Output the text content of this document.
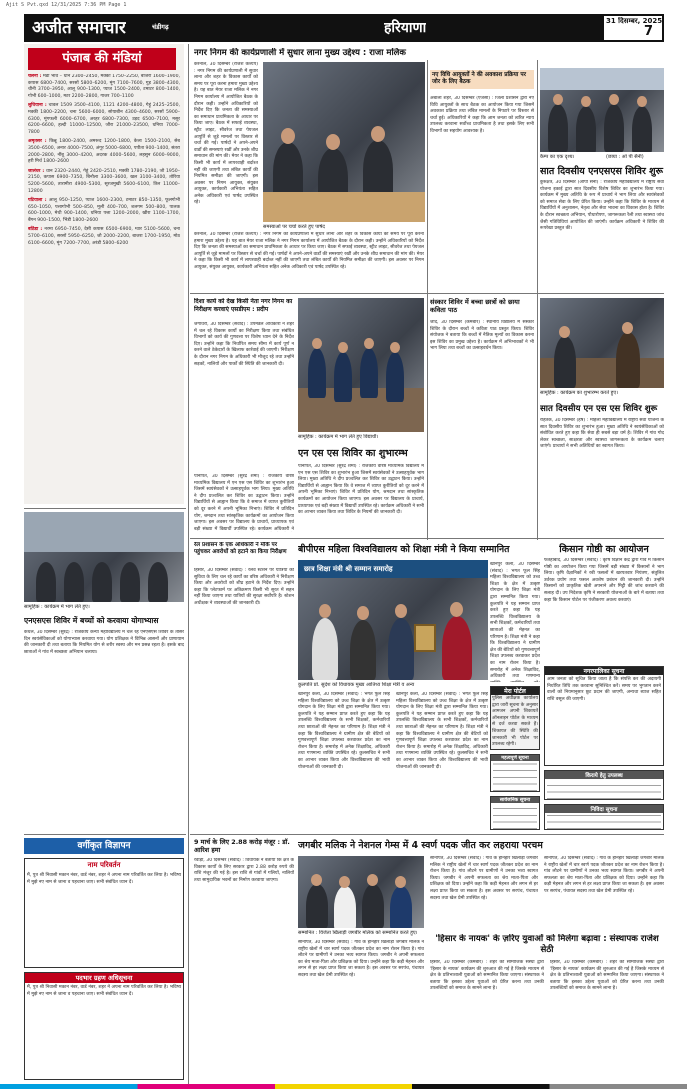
Ajit S Pvt.qxd 12/31/2025 7:36 PM Page 1
अजीत समाचार	चंडीगढ़	हरियाणा	31 दिसम्बर, 2025
7
पंजाब की मंडियां
चलना : मंडी भाव – धान 2300–2450, मक्की 1750–2250, बाजरा 1600–1900, कपास 6800–7400, सरसों 5800–6200, मूंग 7100–7600, गुड़ 3800–4300, चीनी 3700–3950, आलू 900–1300, प्याज 1500–2400, टमाटर 800–1400, गोभी 600–1000, मटर 2200–2800, गाजर 700–1100
लुधियाना : चावल 1509 3500–4100, 1121 4200–4800, गेहूं 2425–2500, मक्की 1800–2200, चना 5600–6000, सोयाबीन 4300–4600, सरसों 5900–6300, मूंगफली 6000–6700, अरहर 6800–7300, उड़द 6500–7100, मसूर 6200–6600, हल्दी 11000–12500, जीरा 21000–23500, धनिया 7000–7800
अमृतसर : किन्नू 1800–2400, अमरूद 1200–1800, केला 1500–2100, सेब 3500–6500, अनार 4000–7500, अंगूर 5000–6800, पपीता 900–1400, संतरा 2000–2800, नींबू 3000–4200, अदरक 4000–5600, लहसुन 6000–9000, हरी मिर्च 1800–2600
जालंधर : धान 2320–2440, गेहूं 2420–2510, मक्की 1780–2190, जौ 1950–2150, कपास 6900–7350, बिनौला 3300–3600, खल 3100–3400, तोरिया 5200–5600, तारामीरा 4900–5300, सूरजमुखी 5600–6100, तिल 11000–12800
पटियाला : आलू 950–1250, प्याज 1600–2300, टमाटर 850–1350, फूलगोभी 650–1050, पत्तागोभी 500–850, मूली 400–700, शलगम 500–800, पालक 600–1000, मेथी 900–1400, धनिया पत्ता 1200–2000, खीरा 1100–1700, बैंगन 900–1500, भिंडी 1800–2600
बठिंडा : नरमा 6950–7450, देसी कपास 6500–6900, ग्वार 5100–5600, चना 5700–6100, सरसों 5950–6250, जौ 2000–2200, बाजरा 1700–1950, मोठ 6100–6600, मूंग 7200–7700, अरंडी 5800–6200
नगर निगम की कार्यप्रणाली में सुधार लाना मुख्य उद्देश्य : राजा मलिक
करनाल, 30 दिसम्बर (राजेश कश्यप) : नगर निगम की कार्यप्रणाली में सुधार लाना और शहर के विकास कार्यों को समय पर पूरा करना हमारा मुख्य उद्देश्य है। यह बात मेयर राजा मलिक ने नगर निगम कार्यालय में आयोजित बैठक के दौरान कही। उन्होंने अधिकारियों को निर्देश दिए कि जनता की समस्याओं का समाधान प्राथमिकता के आधार पर किया जाए। बैठक में सफाई व्यवस्था, स्ट्रीट लाइट, सीवरेज तथा पेयजल आपूर्ति से जुड़े मामलों पर विस्तार से चर्चा की गई। पार्षदों ने अपने-अपने वार्डों की समस्याएं रखीं और उनके शीघ्र समाधान की मांग की। मेयर ने कहा कि किसी भी कार्य में लापरवाही बर्दाश्त नहीं की जाएगी तथा लंबित कार्यों की नियमित समीक्षा की जाएगी। इस अवसर पर निगम आयुक्त, संयुक्त आयुक्त, कार्यकारी अभियंता सहित अनेक अधिकारी एवं पार्षद उपस्थित रहे।
समस्याओं पर चर्चा करते हुए पार्षद
करनाल, 30 दिसम्बर (राजेश कश्यप) : नगर निगम की कार्यप्रणाली में सुधार लाना और शहर के विकास कार्यों को समय पर पूरा करना हमारा मुख्य उद्देश्य है। यह बात मेयर राजा मलिक ने नगर निगम कार्यालय में आयोजित बैठक के दौरान कही। उन्होंने अधिकारियों को निर्देश दिए कि जनता की समस्याओं का समाधान प्राथमिकता के आधार पर किया जाए। बैठक में सफाई व्यवस्था, स्ट्रीट लाइट, सीवरेज तथा पेयजल आपूर्ति से जुड़े मामलों पर विस्तार से चर्चा की गई। पार्षदों ने अपने-अपने वार्डों की समस्याएं रखीं और उनके शीघ्र समाधान की मांग की। मेयर ने कहा कि किसी भी कार्य में लापरवाही बर्दाश्त नहीं की जाएगी तथा लंबित कार्यों की नियमित समीक्षा की जाएगी। इस अवसर पर निगम आयुक्त, संयुक्त आयुक्त, कार्यकारी अभियंता सहित अनेक अधिकारी एवं पार्षद उपस्थित रहे।
नए विधि आयुक्तों ने की अवकाश प्रक्रिया पर जोर के लिए बैठक
अंबाला शहर, 30 दिसम्बर (एजेंसी) : जिला प्रशासन द्वारा नए विधि आयुक्तों के साथ बैठक का आयोजन किया गया जिसमें अवकाश प्रक्रिया तथा लंबित मामलों के निपटारे पर विस्तार से चर्चा हुई। अधिकारियों ने कहा कि आम जनता को त्वरित न्याय उपलब्ध करवाना सर्वोच्च प्राथमिकता है तथा इसके लिए सभी विभागों का सहयोग आवश्यक है।
कैम्प का एक दृश्य।	(छाया : ओ पी सैनी)
सात दिवसीय एनएसएस शिविर शुरू
कुरुक्षेत्र, 30 दिसम्बर (ओपी सैनी) : राजकीय महाविद्यालय में राष्ट्रीय सेवा योजना इकाई द्वारा सात दिवसीय विशेष शिविर का शुभारंभ किया गया। कार्यक्रम में मुख्य अतिथि के रूप में प्राचार्य ने भाग लिया और स्वयंसेवकों को समाज सेवा के लिए प्रेरित किया। उन्होंने कहा कि शिविर के माध्यम से विद्यार्थियों में अनुशासन, नेतृत्व और सेवा भावना का विकास होता है। शिविर के दौरान स्वच्छता अभियान, पौधारोपण, जागरूकता रैली तथा स्वास्थ्य जांच जैसी गतिविधियां आयोजित की जाएंगी। कार्यक्रम अधिकारी ने शिविर की रूपरेखा प्रस्तुत की।
दिशा कार्य को देख किसी नेता नगर निगम का निरीक्षण करवाएं एसडीएम : प्रदीप
जगाधरी, 30 दिसम्बर (संवाद) : उपमंडल अधिकारी ने शहर में चल रहे विकास कार्यों का निरीक्षण किया तथा संबंधित विभागों को कार्य की गुणवत्ता पर विशेष ध्यान देने के निर्देश दिए। उन्होंने कहा कि निर्धारित समय सीमा में कार्य पूर्ण न करने वाले ठेकेदारों के खिलाफ कार्रवाई की जाएगी। निरीक्षण के दौरान नगर निगम के अधिकारी भी मौजूद रहे तथा उन्होंने सड़कों, नालियों और पार्कों की स्थिति की जानकारी दी।
सामूहिक : कार्यक्रम में भाग लेते हुए विद्यार्थी।
एन एस एस शिविर का शुभारम्भ
पानीपत, 30 दिसम्बर (सुरेंद्र शर्मा) : राजकीय वरिष्ठ माध्यमिक विद्यालय में एन एस एस शिविर का शुभारंभ हुआ जिसमें स्वयंसेवकों ने उत्साहपूर्वक भाग लिया। मुख्य अतिथि ने दीप प्रज्वलित कर शिविर का उद्घाटन किया। उन्होंने विद्यार्थियों से आह्वान किया कि वे समाज में व्याप्त कुरीतियों को दूर करने में अपनी भूमिका निभाएं। शिविर में प्रतिदिन योग, श्रमदान तथा सांस्कृतिक कार्यक्रमों का आयोजन किया जाएगा। इस अवसर पर विद्यालय के प्राचार्य, प्राध्यापक एवं बड़ी संख्या में विद्यार्थी उपस्थित रहे। कार्यक्रम अधिकारी ने सभी का आभार व्यक्त किया तथा शिविर के नियमों की जानकारी दी।
पानीपत, 30 दिसम्बर (सुरेंद्र शर्मा) : राजकीय वरिष्ठ माध्यमिक विद्यालय में एन एस एस शिविर का शुभारंभ हुआ जिसमें स्वयंसेवकों ने उत्साहपूर्वक भाग लिया। मुख्य अतिथि ने दीप प्रज्वलित कर शिविर का उद्घाटन किया। उन्होंने विद्यार्थियों से आह्वान किया कि वे समाज में व्याप्त कुरीतियों को दूर करने में अपनी भूमिका निभाएं। शिविर में प्रतिदिन योग, श्रमदान तथा सांस्कृतिक कार्यक्रमों का आयोजन किया जाएगा। इस अवसर पर विद्यालय के प्राचार्य, प्राध्यापक एवं बड़ी संख्या में विद्यार्थी उपस्थित रहे। कार्यक्रम अधिकारी ने
संस्कार शिविर में बच्चा छात्रों को छाया कविता पाठ
जींद, 30 दिसम्बर (कर्मबीर) : स्थानीय विद्यालय में संस्कार शिविर के दौरान बच्चों ने कविता पाठ प्रस्तुत किया। शिविर संयोजक ने बताया कि बच्चों में नैतिक मूल्यों का विकास करना इस शिविर का प्रमुख उद्देश्य है। कार्यक्रम में अभिभावकों ने भी भाग लिया तथा बच्चों का उत्साहवर्धन किया।
सामूहिक : कार्यक्रम का शुभारम्भ करते हुए।
सात दिवसीय एन एस एस शिविर शुरू
रोहतक, 30 दिसम्बर (हर्ष) : महिला महाविद्यालय में राष्ट्रीय सेवा योजना के सात दिवसीय शिविर का शुभारंभ हुआ। मुख्य अतिथि ने स्वयंसेविकाओं को संबोधित करते हुए कहा कि सेवा ही सबसे बड़ा धर्म है। शिविर में गांव गोद लेकर स्वच्छता, साक्षरता और स्वास्थ्य जागरूकता के कार्यक्रम चलाए जाएंगे। प्राचार्या ने सभी अतिथियों का स्वागत किया।
सामूहिक : कार्यक्रम में भाग लेते हुए।
एनएसएस शिविर में बच्चों को करवाया योगाभ्यास
कैथल, 30 दिसम्बर (सुरेंद्र) : राजकीय कन्या महाविद्यालय में चल रहे एनएसएस शिविर के तीसरे दिन स्वयंसेविकाओं को योगाभ्यास करवाया गया। योग प्रशिक्षक ने विभिन्न आसनों और प्राणायाम की जानकारी दी तथा बताया कि नियमित योग से शरीर स्वस्थ और मन प्रसन्न रहता है। इसके बाद छात्राओं ने गांव में स्वच्छता अभियान चलाया।
रेल प्रशासन के एक अधिकारी ने मौके पर पहुंचकर अवरोधों को हटाने का किया निरीक्षण
हिसार, 30 दिसम्बर (संवाद) : रेलवे स्टेशन पर यात्रियों की सुविधा के लिए चल रहे कार्यों का वरिष्ठ अधिकारी ने निरीक्षण किया और अवरोधों को शीघ्र हटाने के निर्देश दिए। उन्होंने कहा कि प्लेटफार्म पर अतिक्रमण किसी भी सूरत में सहन नहीं किया जाएगा तथा यात्रियों की सुरक्षा सर्वोपरि है। स्टेशन अधीक्षक ने व्यवस्थाओं की जानकारी दी।
बीपीएस महिला विश्वविद्यालय को शिक्षा मंत्री ने किया सम्मानित
छात्र शिक्षा मंत्री श्री सम्मान समारोह
कुलपति प्रो. सुदेश को विधायक मुख्य आतिथ्य शिक्षा मंत्री व अन्य
खानपुर कलां, 30 दिसम्बर (संवाद) : भगत फूल सिंह महिला विश्वविद्यालय को उच्च शिक्षा के क्षेत्र में उत्कृष्ट योगदान के लिए शिक्षा मंत्री द्वारा सम्मानित किया गया। कुलपति ने यह सम्मान प्राप्त करते हुए कहा कि यह उपलब्धि विश्वविद्यालय के सभी शिक्षकों, कर्मचारियों तथा छात्राओं की मेहनत का परिणाम है। शिक्षा मंत्री ने कहा कि विश्वविद्यालय ने ग्रामीण क्षेत्र की बेटियों को गुणवत्तापूर्ण शिक्षा उपलब्ध करवाकर प्रदेश का नाम रोशन किया है। समारोह में अनेक शिक्षाविद, अधिकारी तथा गणमान्य व्यक्ति उपस्थित रहे। कुलसचिव ने सभी का आभार व्यक्त किया और विश्वविद्यालय की भावी योजनाओं की जानकारी दी।
खानपुर कलां, 30 दिसम्बर (संवाद) : भगत फूल सिंह महिला विश्वविद्यालय को उच्च शिक्षा के क्षेत्र में उत्कृष्ट योगदान के लिए शिक्षा मंत्री द्वारा सम्मानित किया गया। कुलपति ने यह सम्मान प्राप्त करते हुए कहा कि यह उपलब्धि विश्वविद्यालय के सभी शिक्षकों, कर्मचारियों तथा छात्राओं की मेहनत का परिणाम है। शिक्षा मंत्री ने कहा कि विश्वविद्यालय ने ग्रामीण क्षेत्र की बेटियों को गुणवत्तापूर्ण शिक्षा उपलब्ध करवाकर प्रदेश का नाम रोशन किया है। समारोह में अनेक शिक्षाविद, अधिकारी तथा गणमान्य व्यक्ति उपस्थित रहे। कुलसचिव ने सभी का आभार व्यक्त किया और विश्वविद्यालय की भावी योजनाओं की जानकारी दी।
खानपुर कलां, 30 दिसम्बर (संवाद) : भगत फूल सिंह महिला विश्वविद्यालय को उच्च शिक्षा के क्षेत्र में उत्कृष्ट योगदान के लिए शिक्षा मंत्री द्वारा सम्मानित किया गया। कुलपति ने यह सम्मान प्राप्त करते हुए कहा कि यह उपलब्धि विश्वविद्यालय के सभी शिक्षकों, कर्मचारियों तथा छात्राओं की मेहनत का परिणाम है। शिक्षा मंत्री ने कहा कि विश्वविद्यालय ने ग्रामीण क्षेत्र की बेटियों को गुणवत्तापूर्ण शिक्षा उपलब्ध करवाकर प्रदेश का नाम रोशन किया है। समारोह में अनेक शिक्षाविद, अधिकारी तथा गणमान्य
मेरा पोर्टल
पुलिस अधीक्षक कार्यालय द्वारा जारी सूचना के अनुसार आमजन अपनी शिकायतें ऑनलाइन पोर्टल के माध्यम से दर्ज करवा सकते हैं। शिकायत की स्थिति की जानकारी भी पोर्टल पर उपलब्ध रहेगी।
महत्वपूर्ण सूचना
सार्वजनिक सूचना
किसान गोष्ठी का आयोजन
फतेहाबाद, 30 दिसम्बर (संवाद) : कृषि विज्ञान केंद्र द्वारा गांव में किसान गोष्ठी का आयोजन किया गया जिसमें बड़ी संख्या में किसानों ने भाग लिया। कृषि वैज्ञानिकों ने रबी फसलों में खरपतवार नियंत्रण, संतुलित उर्वरक प्रयोग तथा फसल अवशेष प्रबंधन की जानकारी दी। उन्होंने किसानों को प्राकृतिक खेती अपनाने और मिट्टी की जांच करवाने की सलाह दी। उप निदेशक कृषि ने सरकारी योजनाओं के बारे में बताया तथा कहा कि किसान पोर्टल पर पंजीकरण अवश्य करवाएं।
नगरपालिका सूचना
आम जनता को सूचित किया जाता है कि संपत्ति कर की अदायगी निर्धारित तिथि तक करवाना सुनिश्चित करें। समय पर भुगतान करने वालों को नियमानुसार छूट प्रदान की जाएगी, अन्यथा ब्याज सहित राशि वसूल की जाएगी।
किराये हेतु उपलब्ध
निविदा सूचना
वर्गीकृत विज्ञापन
नाम परिवर्तन
मैं, पुत्र श्री निवासी मकान नंबर, वार्ड नंबर, शहर ने अपना नाम परिवर्तित कर लिया है। भविष्य में मुझे नए नाम से जाना व पहचाना जाए। सभी संबंधित ध्यान दें।
पदभार ग्रहण अधिसूचना
मैं, पुत्र श्री निवासी मकान नंबर, वार्ड नंबर, शहर ने अपना नाम परिवर्तित कर लिया है। भविष्य में मुझे नए नाम से जाना व पहचाना जाए। सभी संबंधित ध्यान दें।
9 मार्च के लिए 2.88 करोड़ मंजूर : डॉ. आरिश हमा
रेवाड़ी, 30 दिसम्बर (संवाद) : विधायक ने बताया कि क्षेत्र के विकास कार्यों के लिए सरकार द्वारा 2.88 करोड़ रुपये की राशि मंजूर की गई है। इस राशि से गांवों में गलियों, नालियों तथा सामुदायिक भवनों का निर्माण करवाया जाएगा।
जगबीर मलिक ने नेशनल गेम्स में 4 स्वर्ण पदक जीत कर लहराया परचम
सम्मानित : विजेता खिलाड़ी जगबीर मलिक को सम्मानित करते हुए।
सोनीपत, 30 दिसम्बर (संवाद) : गांव के होनहार खिलाड़ी जगबीर मलिक ने राष्ट्रीय खेलों में चार स्वर्ण पदक जीतकर प्रदेश का नाम रोशन किया है। गांव लौटने पर ग्रामीणों ने उनका भव्य स्वागत किया। जगबीर ने अपनी सफलता का श्रेय माता-पिता और प्रशिक्षक को दिया। उन्होंने कहा कि कड़ी मेहनत और लगन से हर लक्ष्य प्राप्त किया जा सकता है। इस अवसर पर सरपंच, पंचायत सदस्य तथा खेल प्रेमी उपस्थित रहे।
सोनीपत, 30 दिसम्बर (संवाद) : गांव के होनहार खिलाड़ी जगबीर मलिक ने राष्ट्रीय खेलों में चार स्वर्ण पदक जीतकर प्रदेश का नाम रोशन किया है। गांव लौटने पर ग्रामीणों ने उनका भव्य स्वागत किया। जगबीर ने अपनी सफलता का श्रेय माता-पिता और प्रशिक्षक को दिया। उन्होंने कहा कि कड़ी मेहनत और लगन से हर लक्ष्य प्राप्त किया जा सकता है। इस अवसर पर सरपंच, पंचायत सदस्य तथा खेल प्रेमी उपस्थित रहे।
सोनीपत, 30 दिसम्बर (संवाद) : गांव के होनहार खिलाड़ी जगबीर मलिक ने राष्ट्रीय खेलों में चार स्वर्ण पदक जीतकर प्रदेश का नाम रोशन किया है। गांव लौटने पर ग्रामीणों ने उनका भव्य स्वागत किया। जगबीर ने अपनी सफलता का श्रेय माता-पिता और प्रशिक्षक को दिया। उन्होंने कहा कि कड़ी मेहनत और लगन से हर लक्ष्य प्राप्त किया जा सकता है। इस अवसर पर सरपंच, पंचायत सदस्य तथा खेल प्रेमी उपस्थित रहे।
'हिसार के नायक' के ज़रिए युवाओं को मिलेगा बढ़ावा : संस्थापक राजेश सेठी
हिसार, 30 दिसम्बर (कर्मबीर) : शहर की सामाजिक संस्था द्वारा 'हिसार के नायक' कार्यक्रम की शुरुआत की गई है जिसके माध्यम से क्षेत्र के प्रतिभाशाली युवाओं को सम्मानित किया जाएगा। संस्थापक ने बताया कि इसका उद्देश्य युवाओं को प्रेरित करना तथा उनकी उपलब्धियों को समाज के सामने लाना है।
हिसार, 30 दिसम्बर (कर्मबीर) : शहर की सामाजिक संस्था द्वारा 'हिसार के नायक' कार्यक्रम की शुरुआत की गई है जिसके माध्यम से क्षेत्र के प्रतिभाशाली युवाओं को सम्मानित किया जाएगा। संस्थापक ने बताया कि इसका उद्देश्य युवाओं को प्रेरित करना तथा उनकी उपलब्धियों को समाज के सामने लाना है।
